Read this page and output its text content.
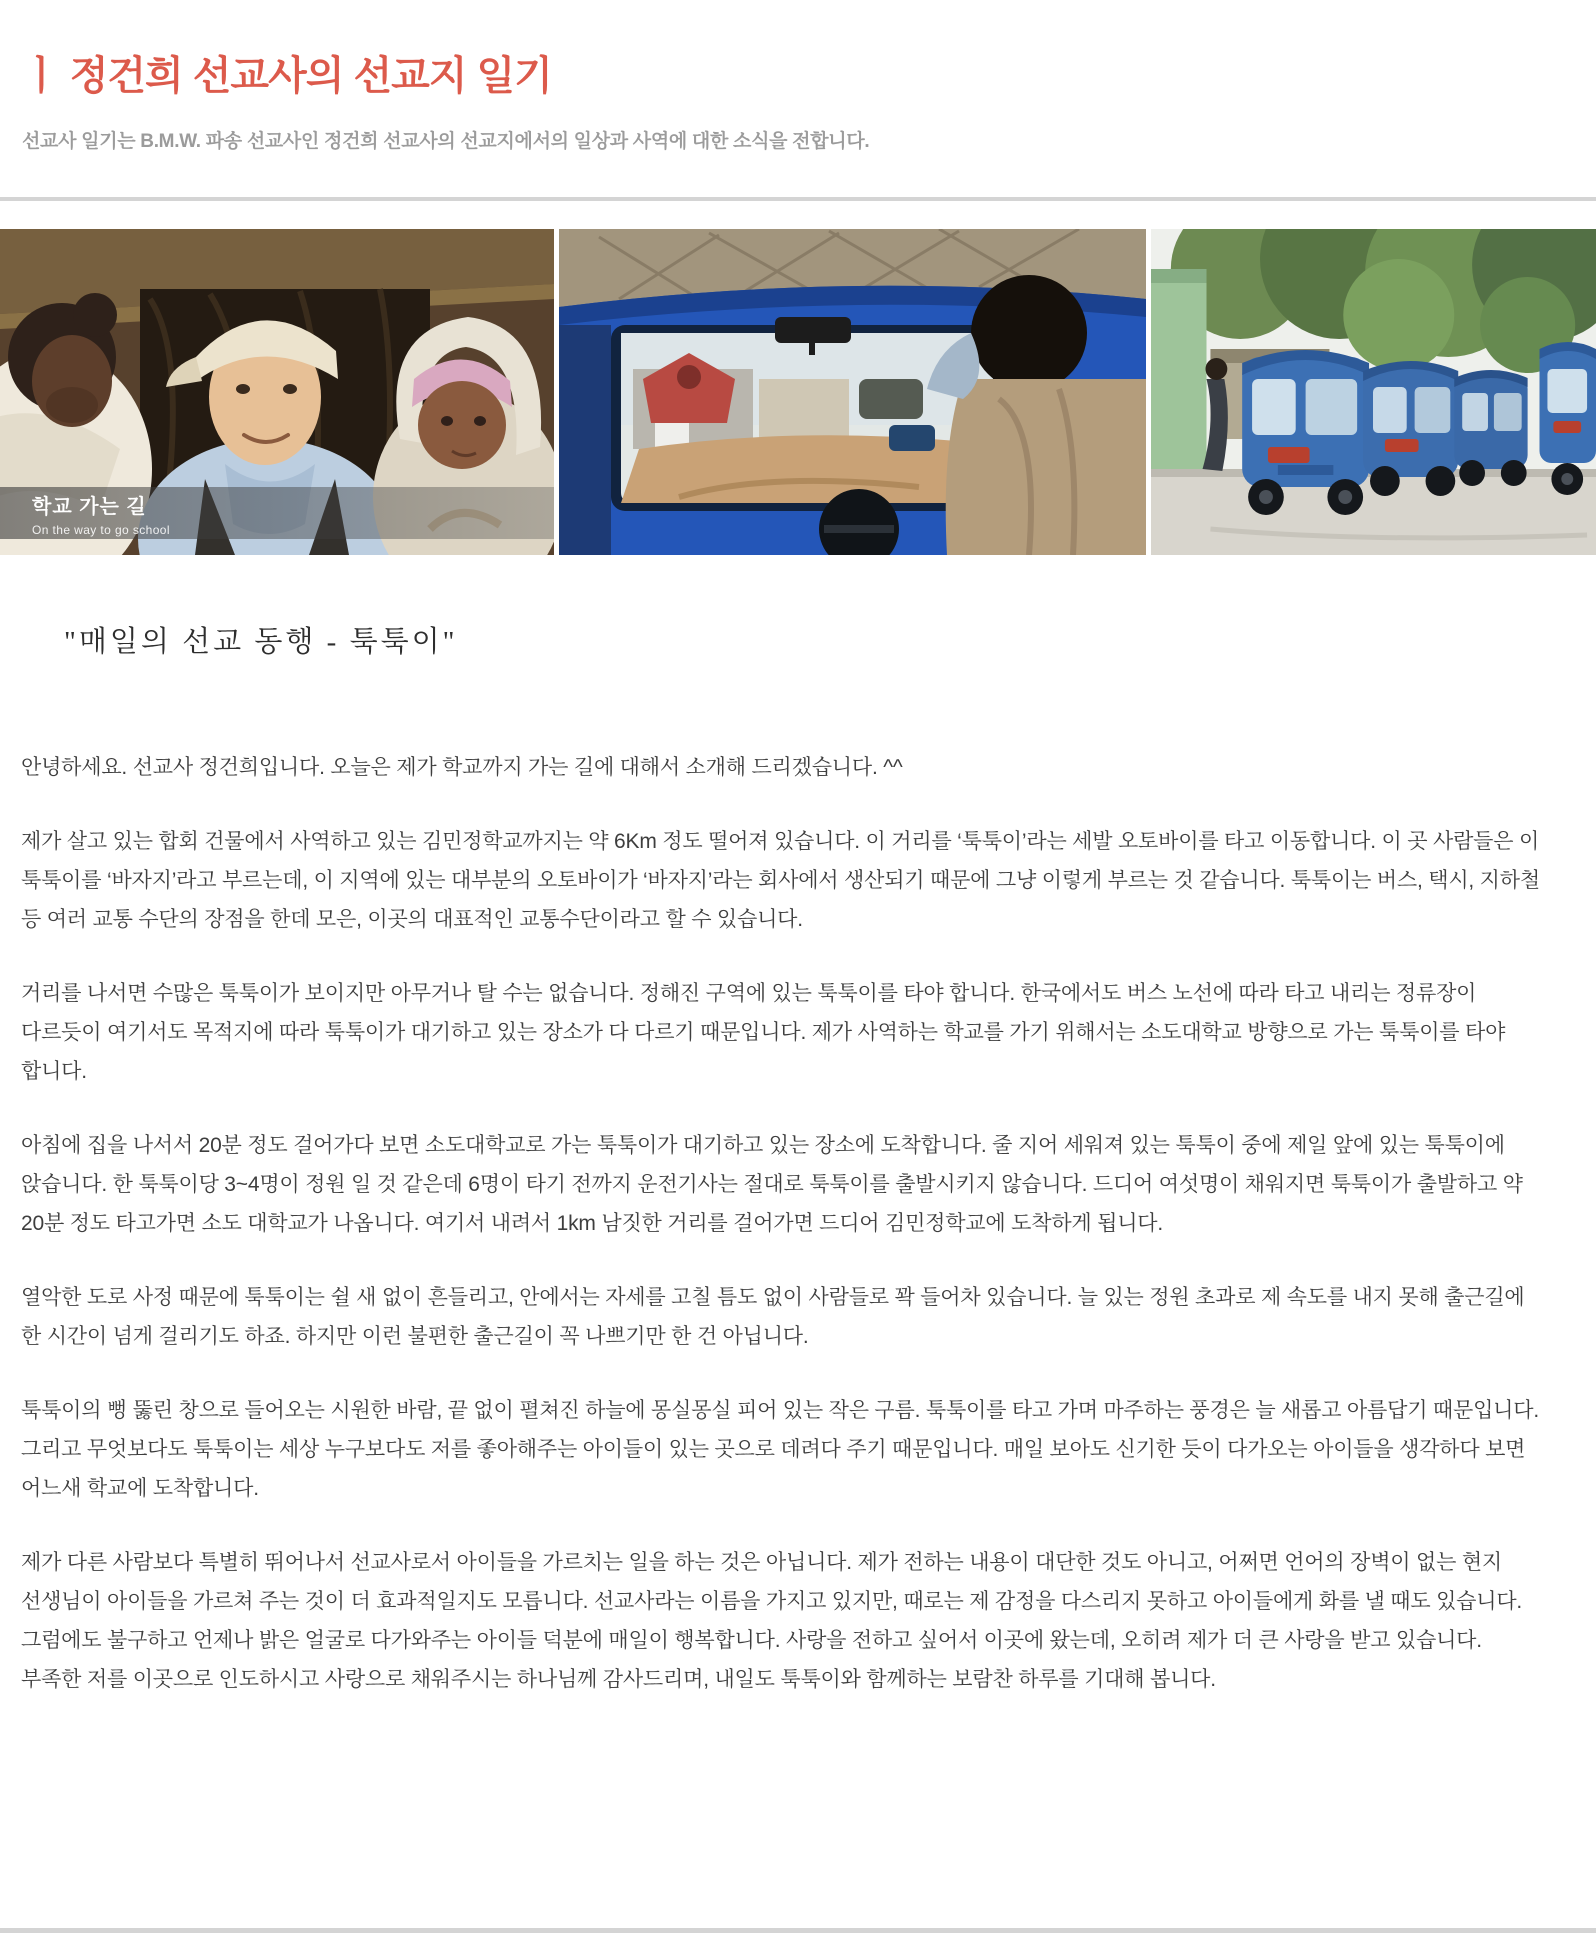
ㅣ 정건희 선교사의 선교지 일기
선교사 일기는 B.M.W. 파송 선교사인 정건희 선교사의 선교지에서의 일상과 사역에 대한 소식을 전합니다.
학교 가는 길
On the way to go school
"매일의 선교 동행 - 툭툭이"

안녕하세요. 선교사 정건희입니다. 오늘은 제가 학교까지 가는 길에 대해서 소개해 드리겠습니다. ^^

제가 살고 있는 합회 건물에서 사역하고 있는 김민정학교까지는 약 6Km 정도 떨어져 있습니다. 이 거리를 ‘툭툭이’라는 세발 오토바이를 타고 이동합니다. 이 곳 사람들은 이 툭툭이를 ‘바자지’라고 부르는데, 이 지역에 있는 대부분의 오토바이가 ‘바자지’라는 회사에서 생산되기 때문에 그냥 이렇게 부르는 것 같습니다. 툭툭이는 버스, 택시, 지하철 등 여러 교통 수단의 장점을 한데 모은, 이곳의 대표적인 교통수단이라고 할 수 있습니다.

거리를 나서면 수많은 툭툭이가 보이지만 아무거나 탈 수는 없습니다. 정해진 구역에 있는 툭툭이를 타야 합니다. 한국에서도 버스 노선에 따라 타고 내리는 정류장이 다르듯이 여기서도 목적지에 따라 툭툭이가 대기하고 있는 장소가 다 다르기 때문입니다. 제가 사역하는 학교를 가기 위해서는 소도대학교 방향으로 가는 툭툭이를 타야 합니다.

아침에 집을 나서서 20분 정도 걸어가다 보면 소도대학교로 가는 툭툭이가 대기하고 있는 장소에 도착합니다. 줄 지어 세워져 있는 툭툭이 중에 제일 앞에 있는 툭툭이에 앉습니다. 한 툭툭이당 3~4명이 정원 일 것 같은데 6명이 타기 전까지 운전기사는 절대로 툭툭이를 출발시키지 않습니다. 드디어 여섯명이 채워지면 툭툭이가 출발하고 약 20분 정도 타고가면 소도 대학교가 나옵니다. 여기서 내려서 1km 남짓한 거리를 걸어가면 드디어 김민정학교에 도착하게 됩니다.

열악한 도로 사정 때문에 툭툭이는 쉴 새 없이 흔들리고, 안에서는 자세를 고칠 틈도 없이 사람들로 꽉 들어차 있습니다. 늘 있는 정원 초과로 제 속도를 내지 못해 출근길에 한 시간이 넘게 걸리기도 하죠. 하지만 이런 불편한 출근길이 꼭 나쁘기만 한 건 아닙니다.

툭툭이의 뻥 뚫린 창으로 들어오는 시원한 바람, 끝 없이 펼쳐진 하늘에 몽실몽실 피어 있는 작은 구름. 툭툭이를 타고 가며 마주하는 풍경은 늘 새롭고 아름답기 때문입니다. 그리고 무엇보다도 툭툭이는 세상 누구보다도 저를 좋아해주는 아이들이 있는 곳으로 데려다 주기 때문입니다. 매일 보아도 신기한 듯이 다가오는 아이들을 생각하다 보면 어느새 학교에 도착합니다.

제가 다른 사람보다 특별히 뛰어나서 선교사로서 아이들을 가르치는 일을 하는 것은 아닙니다. 제가 전하는 내용이 대단한 것도 아니고, 어쩌면 언어의 장벽이 없는 현지 선생님이 아이들을 가르쳐 주는 것이 더 효과적일지도 모릅니다. 선교사라는 이름을 가지고 있지만, 때로는 제 감정을 다스리지 못하고 아이들에게 화를 낼 때도 있습니다. 그럼에도 불구하고 언제나 밝은 얼굴로 다가와주는 아이들 덕분에 매일이 행복합니다. 사랑을 전하고 싶어서 이곳에 왔는데, 오히려 제가 더 큰 사랑을 받고 있습니다. 부족한 저를 이곳으로 인도하시고 사랑으로 채워주시는 하나님께 감사드리며, 내일도 툭툭이와 함께하는 보람찬 하루를 기대해 봅니다.
